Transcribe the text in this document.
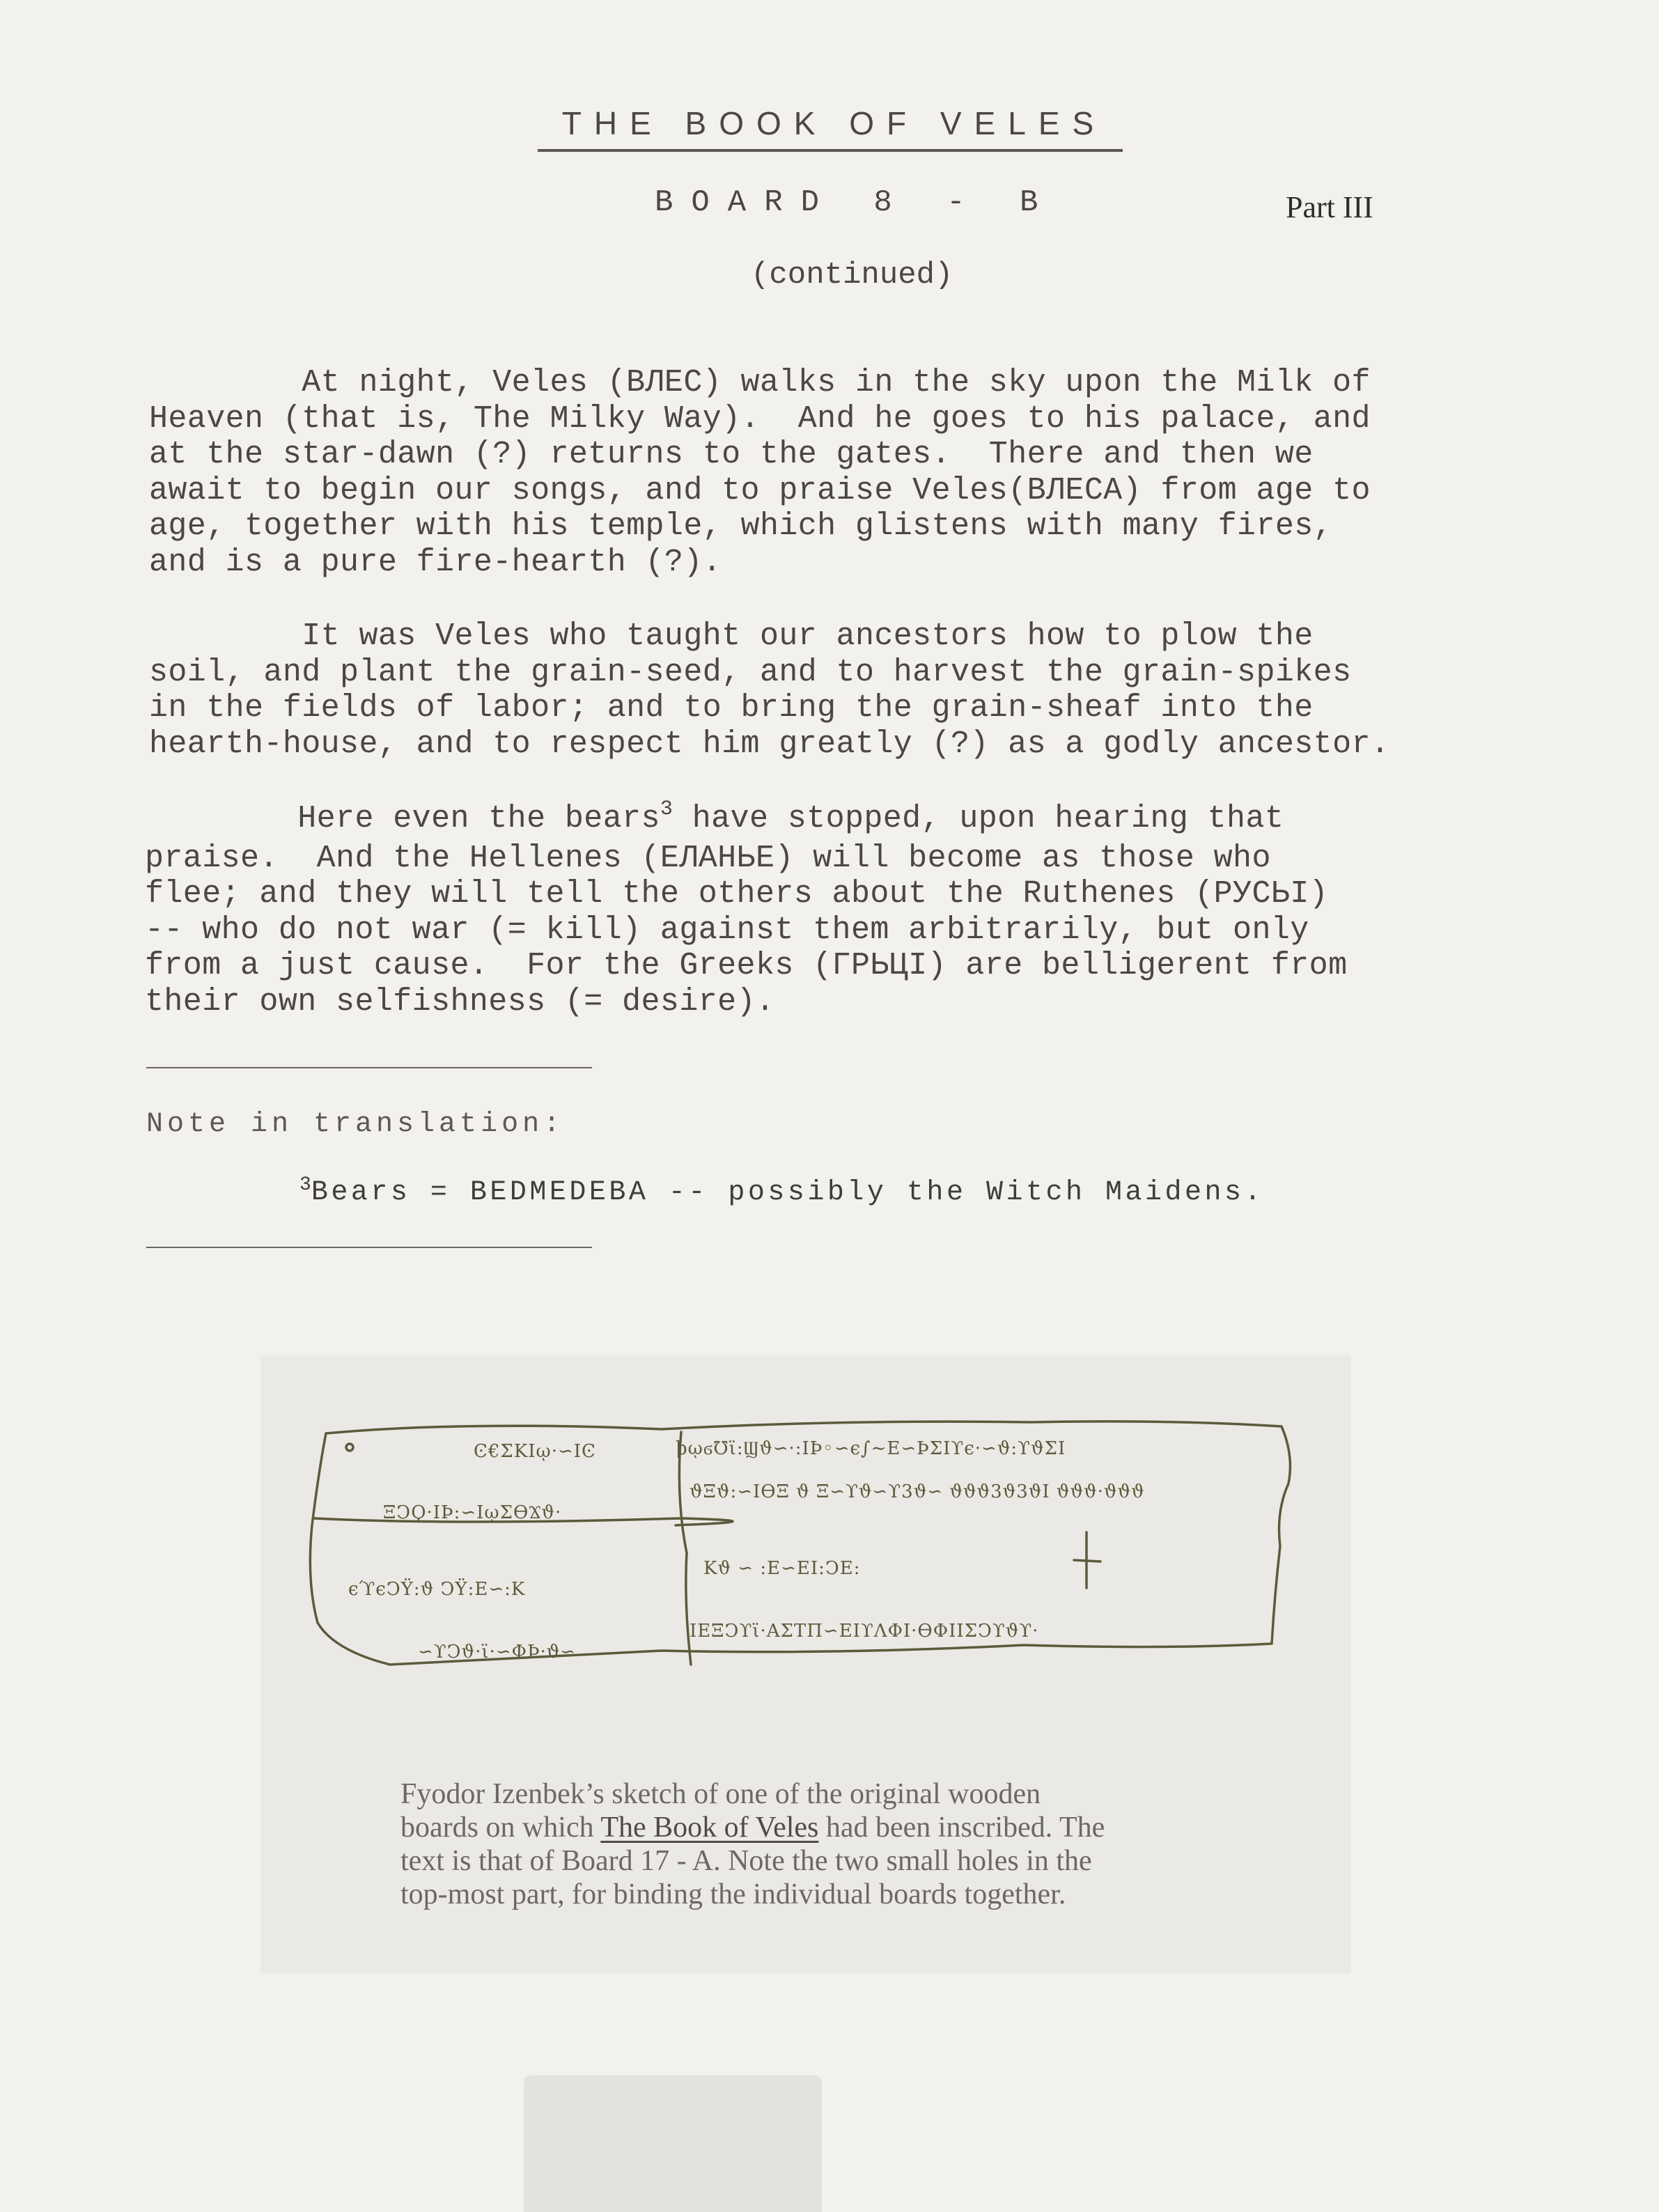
THE BOOK OF VELES
BOARD 8 - B	Part III
(continued)
At night, Veles (ВЛЕС) walks in the sky upon the Milk of
Heaven (that is, The Milky Way).  And he goes to his palace, and
at the star-dawn (?) returns to the gates.  There and then we
await to begin our songs, and to praise Veles(ВЛЕСА) from age to
age, together with his temple, which glistens with many fires,
and is a pure fire-hearth (?).
It was Veles who taught our ancestors how to plow the
soil, and plant the grain-seed, and to harvest the grain-spikes
in the fields of labor; and to bring the grain-sheaf into the
hearth-house, and to respect him greatly (?) as a godly ancestor.
Here even the bears$^3$ have stopped, upon hearing that
praise.  And the Hellenes (ЕЛАНЬЕ) will become as those who
flee; and they will tell the others about the Ruthenes (РУСЬІ)
-- who do not war (= kill) against them arbitrarily, but only
from a just cause.  For the Greeks (ГРЬЦІ) are belligerent from
their own selfishness (= desire).
Note in translation:
$^3$Bears = BEDMEDEBA -- possibly the Witch Maidens.
Ͼ€ΣΚΙῳ·∽ΙϾ	ϸῳϭ℧ϊ:Ϣϑ∽·:ΙϷ◦∽ϵ∫∼Ε∽ϷΣΙϒϵ·∽ϑ:ϒϑΣΙ
ΞϽϘ·ΙϷ:∽ΙῳΣϴϪϑ·
ϑΞϑ:∽ΙϴΞ ϑ Ξ∽ϒϑ∽ϒ3ϑ∽ ϑϑϑ3ϑ3ϑΙ ϑϑϑ·ϑϑϑ
ϵϓϵϽΫ:ϑ ϽΫ:Ε∽:Κ
Κϑ ∽ :Ε∽ΕΙ:ϽΕ:
∽ϒϽϑ·ϊ·∽ΦϷ·ϑ∽
ΙΕΞϽϒϊ·ΑΣΤΠ∽ΕΙϒΛΦΙ·ϴΦΙΙΣϽϒϑϒ·
Fyodor Izenbek’s sketch of one of the original wooden
boards on which The Book of Veles had been inscribed. The
text is that of Board 17 - A. Note the two small holes in the
top-most part, for binding the individual boards together.
